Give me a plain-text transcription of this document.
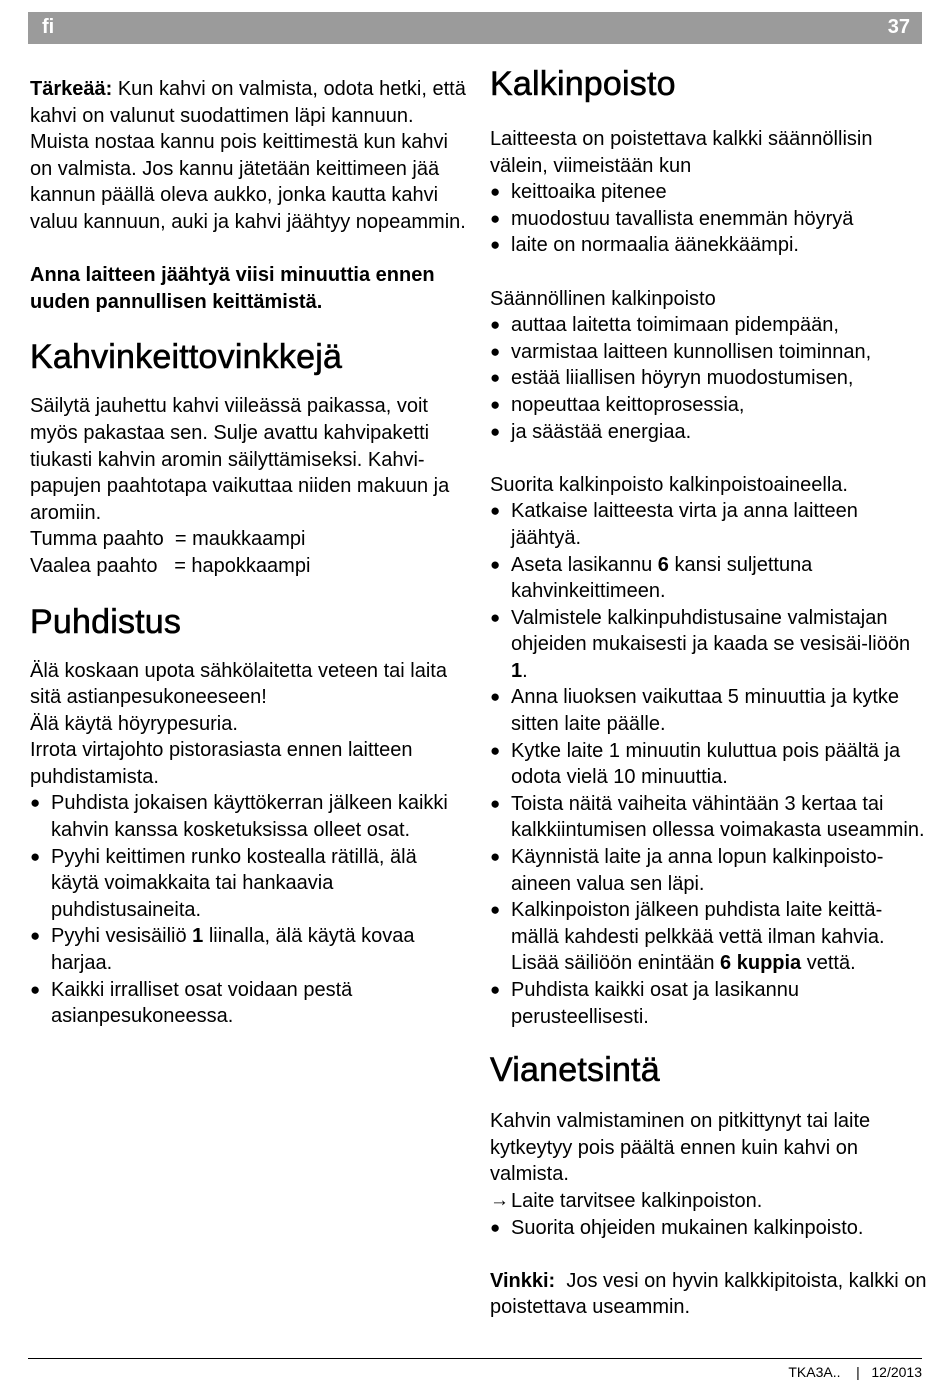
fi	37

Tärkeää: Kun kahvi on valmista, odota hetki, että kahvi on valunut suodattimen läpi kannuun. Muista nostaa kannu pois keittimestä kun kahvi on valmista. Jos kannu jätetään keittimeen jää kannun päällä oleva aukko, jonka kautta kahvi valuu kannuun, auki ja kahvi jäähtyy nopeammin.

Anna laitteen jäähtyä viisi minuuttia ennen uuden pannullisen keittämistä.

Kahvinkeittovinkkejä

Säilytä jauhettu kahvi viileässä paikassa, voit myös pakastaa sen. Sulje avattu kahvipaketti tiukasti kahvin aromin säilyttämiseksi. Kahvi-papujen paahtotapa vaikuttaa niiden makuun ja aromiin.

Tumma paahto  = maukkaampi

Vaalea paahto   = hapokkaampi

Puhdistus

Älä koskaan upota sähkölaitetta veteen tai laita sitä astianpesukoneeseen!

Älä käytä höyrypesuria.

Irrota virtajohto pistorasiasta ennen laitteen puhdistamista.

● Puhdista jokaisen käyttökerran jälkeen kaikki kahvin kanssa kosketuksissa olleet osat.
● Pyyhi keittimen runko kostealla rätillä, älä käytä voimakkaita tai hankaavia puhdistusaineita.
● Pyyhi vesisäiliö 1 liinalla, älä käytä kovaa harjaa.
● Kaikki irralliset osat voidaan pestä asianpesukoneessa.
Kalkinpoisto

Laitteesta on poistettava kalkki säännöllisin välein, viimeistään kun

● keittoaika pitenee
● muodostuu tavallista enemmän höyryä
● laite on normaalia äänekkäämpi.

Säännöllinen kalkinpoisto

● auttaa laitetta toimimaan pidempään,
● varmistaa laitteen kunnollisen toiminnan,
● estää liiallisen höyryn muodostumisen,
● nopeuttaa keittoprosessia,
● ja säästää energiaa.

Suorita kalkinpoisto kalkinpoistoaineella.

● Katkaise laitteesta virta ja anna laitteen jäähtyä.
● Aseta lasikannu 6 kansi suljettuna kahvinkeittimeen.
● Valmistele kalkinpuhdistusaine valmistajan ohjeiden mukaisesti ja kaada se vesisäi-liöön 1.
● Anna liuoksen vaikuttaa 5 minuuttia ja kytke sitten laite päälle.
● Kytke laite 1 minuutin kuluttua pois päältä ja odota vielä 10 minuuttia.
● Toista näitä vaiheita vähintään 3 kertaa tai kalkkiintumisen ollessa voimakasta useammin.
● Käynnistä laite ja anna lopun kalkinpoisto-aineen valua sen läpi.
● Kalkinpoiston jälkeen puhdista laite keittä-mällä kahdesti pelkkää vettä ilman kahvia. Lisää säiliöön enintään 6 kuppia vettä.
● Puhdista kaikki osat ja lasikannu perusteellisesti.
Vianetsintä

Kahvin valmistaminen on pitkittynyt tai laite kytkeytyy pois päältä ennen kuin kahvi on valmista.

→ Laite tarvitsee kalkinpoiston.
● Suorita ohjeiden mukainen kalkinpoisto.

Vinkki:  Jos vesi on hyvin kalkkipitoista, kalkki on poistettava useammin.

TKA3A.. | 12/2013
